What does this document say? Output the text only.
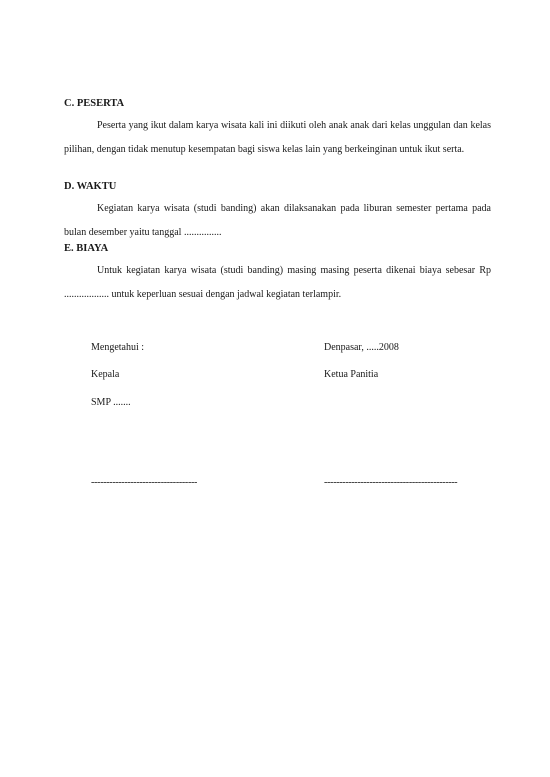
C. PESERTA

Peserta yang ikut dalam karya wisata kali ini diikuti oleh anak anak dari kelas unggulan dan kelas pilihan, dengan tidak menutup kesempatan bagi siswa kelas lain yang berkeinginan untuk ikut serta.

D. WAKTU

Kegiatan karya wisata (studi banding) akan dilaksanakan pada liburan semester pertama pada bulan desember yaitu tanggal ...............

E. BIAYA

Untuk kegiatan karya wisata (studi banding) masing masing peserta dikenai biaya sebesar Rp .................. untuk keperluan sesuai dengan jadwal kegiatan terlampir.

Mengetahui :
Kepala
SMP .......
-----------------------------------
Denpasar, .....2008
Ketua Panitia
--------------------------------------------
